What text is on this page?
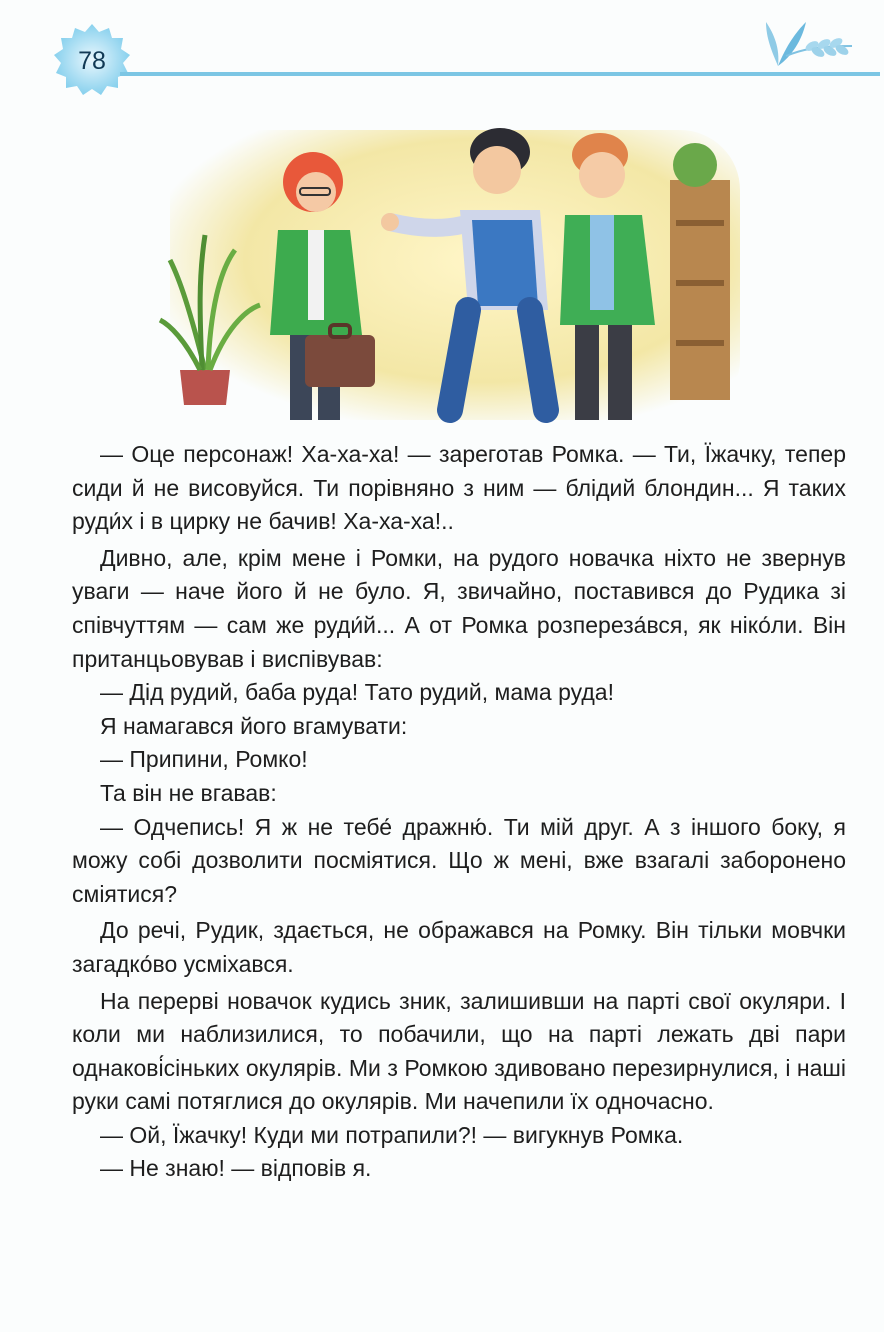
78

— Оце персонаж! Ха-ха-ха! — зареготав Ромка. — Ти, Їжачку, тепер сиди й не висовуйся. Ти порівняно з ним — блідий блондин... Я таких руди́х і в цирку не бачив! Ха-ха-ха!..

Дивно, але, крім мене і Ромки, на рудого новачка ніхто не звернув уваги — наче його й не було. Я, звичайно, поставився до Рудика зі співчуттям — сам же руди́й... А от Ромка розпереза́вся, як ніко́ли. Він пританцьовував і виспівував:

— Дід рудий, баба руда! Тато рудий, мама руда!

Я намагався його вгамувати:

— Припини, Ромко!

Та він не вгавав:

— Одчепись! Я ж не тебе́ дражню́. Ти мій друг. А з іншого боку, я можу собі дозволити посміятися. Що ж мені, вже взагалі заборонено сміятися?

До речі, Рудик, здається, не ображався на Ромку. Він тільки мовчки загадко́во усміхався.

На перерві новачок кудись зник, залишивши на парті свої окуляри. І коли ми наблизилися, то побачили, що на парті лежать дві пари однакові́сіньких окулярів. Ми з Ромкою здивовано перезирнулися, і наші руки самі потяглися до окулярів. Ми начепили їх одночасно.

— Ой, Їжачку! Куди ми потрапили?! — вигукнув Ромка.

— Не знаю! — відповів я.
